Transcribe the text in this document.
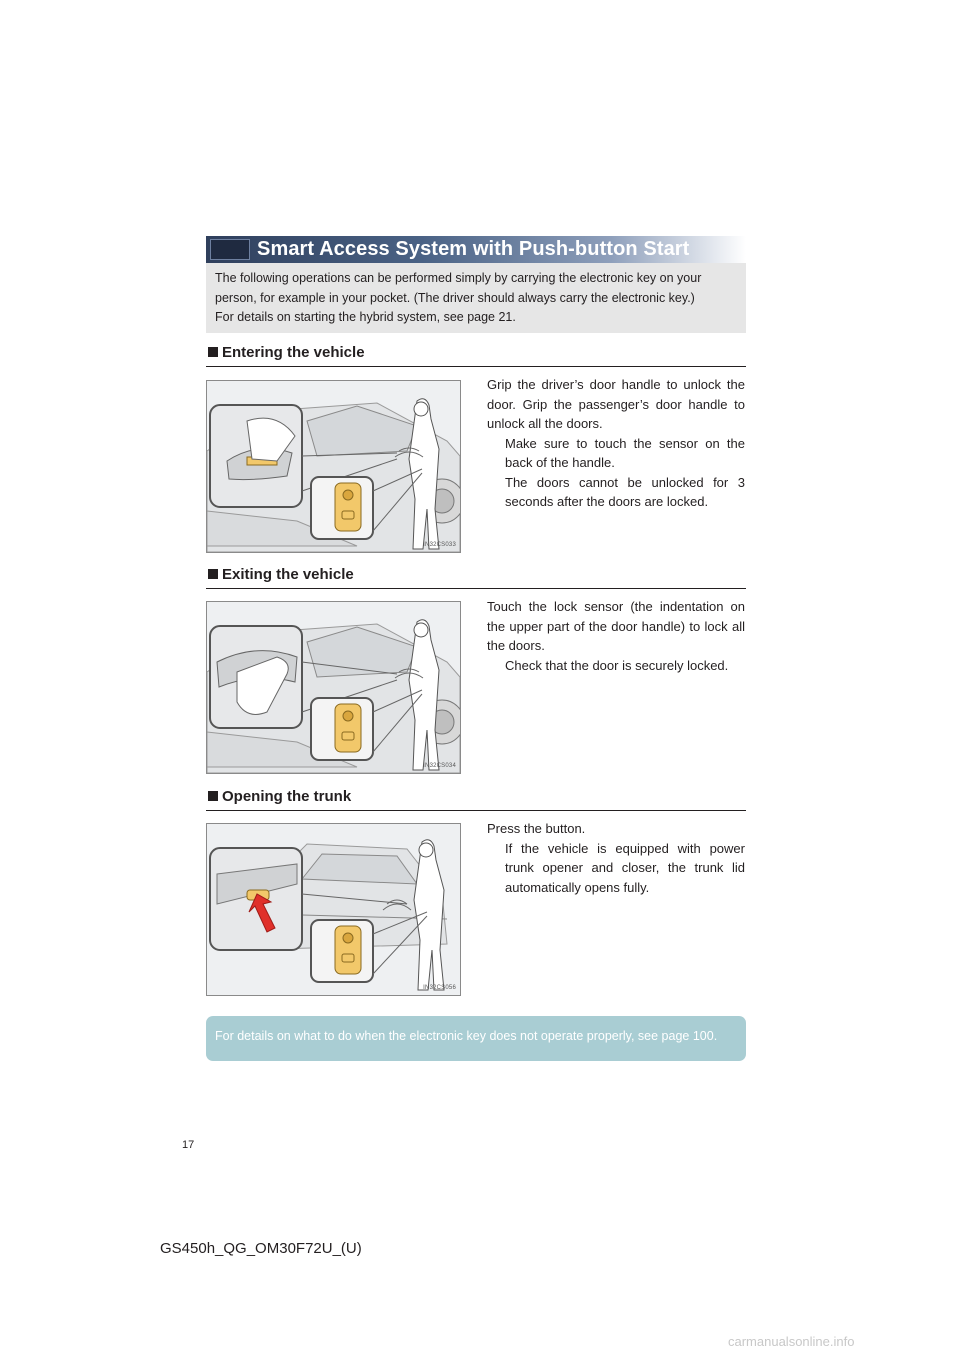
Smart Access System with Push-button Start

The following operations can be performed simply by carrying the electronic key on your

person, for example in your pocket. (The driver should always carry the electronic key.)

For details on starting the hybrid system, see page 21.

Entering the vehicle
IN32CS033

Grip the driver’s door handle to unlock the door. Grip the passenger’s door handle to unlock all the doors.

Make sure to touch the sensor on the back of the handle.

The doors cannot be unlocked for 3 seconds after the doors are locked.

Exiting the vehicle
IN32CS034

Touch the lock sensor (the indentation on the upper part of the door handle) to lock all the doors.

Check that the door is securely locked.

Opening the trunk
IN32CS056

Press the button.

If the vehicle is equipped with power trunk opener and closer, the trunk lid automatically opens fully.

For details on what to do when the electronic key does not operate properly, see page 100.
17
GS450h_QG_OM30F72U_(U)
carmanualsonline.info
